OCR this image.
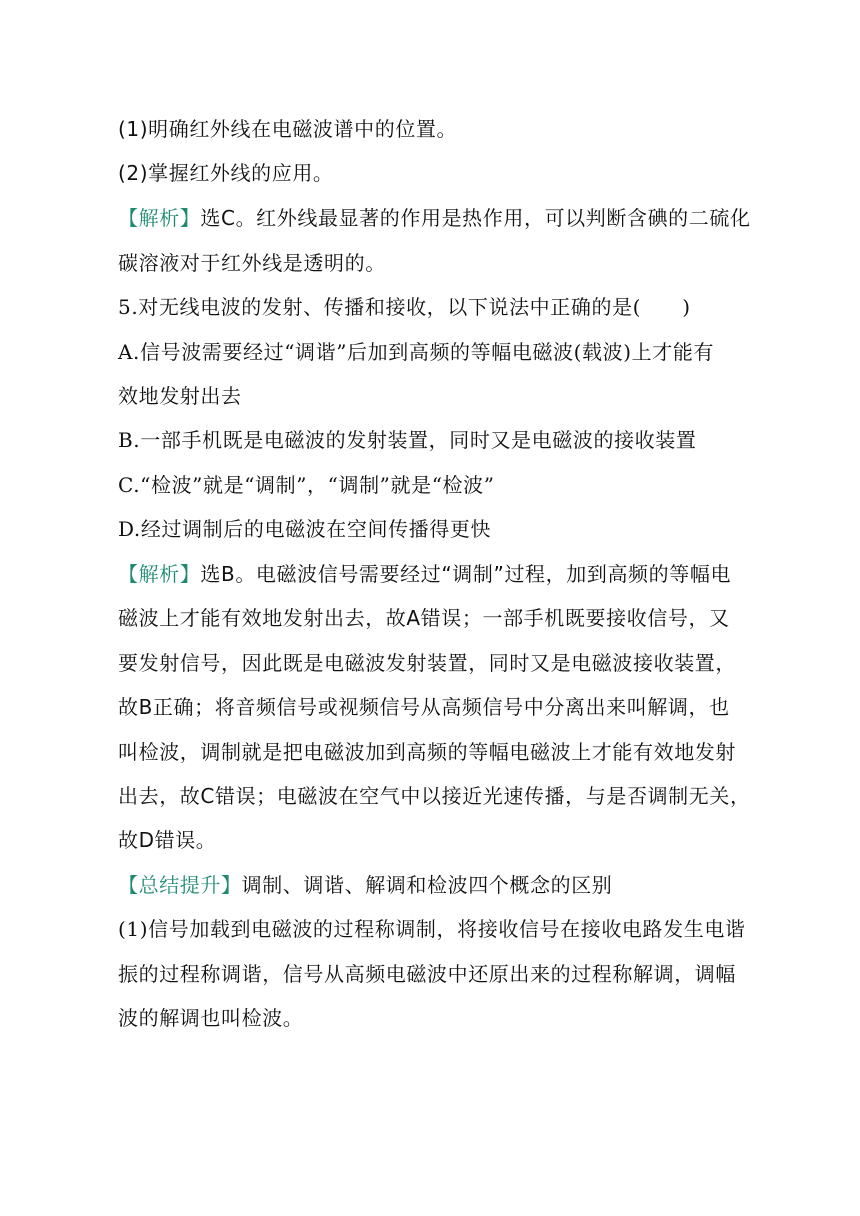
(1)明确红外线在电磁波谱中的位置。
(2)掌握红外线的应用。
【解析】选C。红外线最显著的作用是热作用，可以判断含碘的二硫化
碳溶液对于红外线是透明的。
5.对无线电波的发射、传播和接收，以下说法中正确的是(　　)
A.信号波需要经过“调谐”后加到高频的等幅电磁波(载波)上才能有
效地发射出去
B.一部手机既是电磁波的发射装置，同时又是电磁波的接收装置
C.“检波”就是“调制”，“调制”就是“检波”
D.经过调制后的电磁波在空间传播得更快
【解析】选B。电磁波信号需要经过“调制”过程，加到高频的等幅电
磁波上才能有效地发射出去，故A错误；一部手机既要接收信号，又
要发射信号，因此既是电磁波发射装置，同时又是电磁波接收装置，
故B正确；将音频信号或视频信号从高频信号中分离出来叫解调，也
叫检波，调制就是把电磁波加到高频的等幅电磁波上才能有效地发射
出去，故C错误；电磁波在空气中以接近光速传播，与是否调制无关，
故D错误。
【总结提升】调制、调谐、解调和检波四个概念的区别
(1)信号加载到电磁波的过程称调制，将接收信号在接收电路发生电谐
振的过程称调谐，信号从高频电磁波中还原出来的过程称解调，调幅
波的解调也叫检波。
